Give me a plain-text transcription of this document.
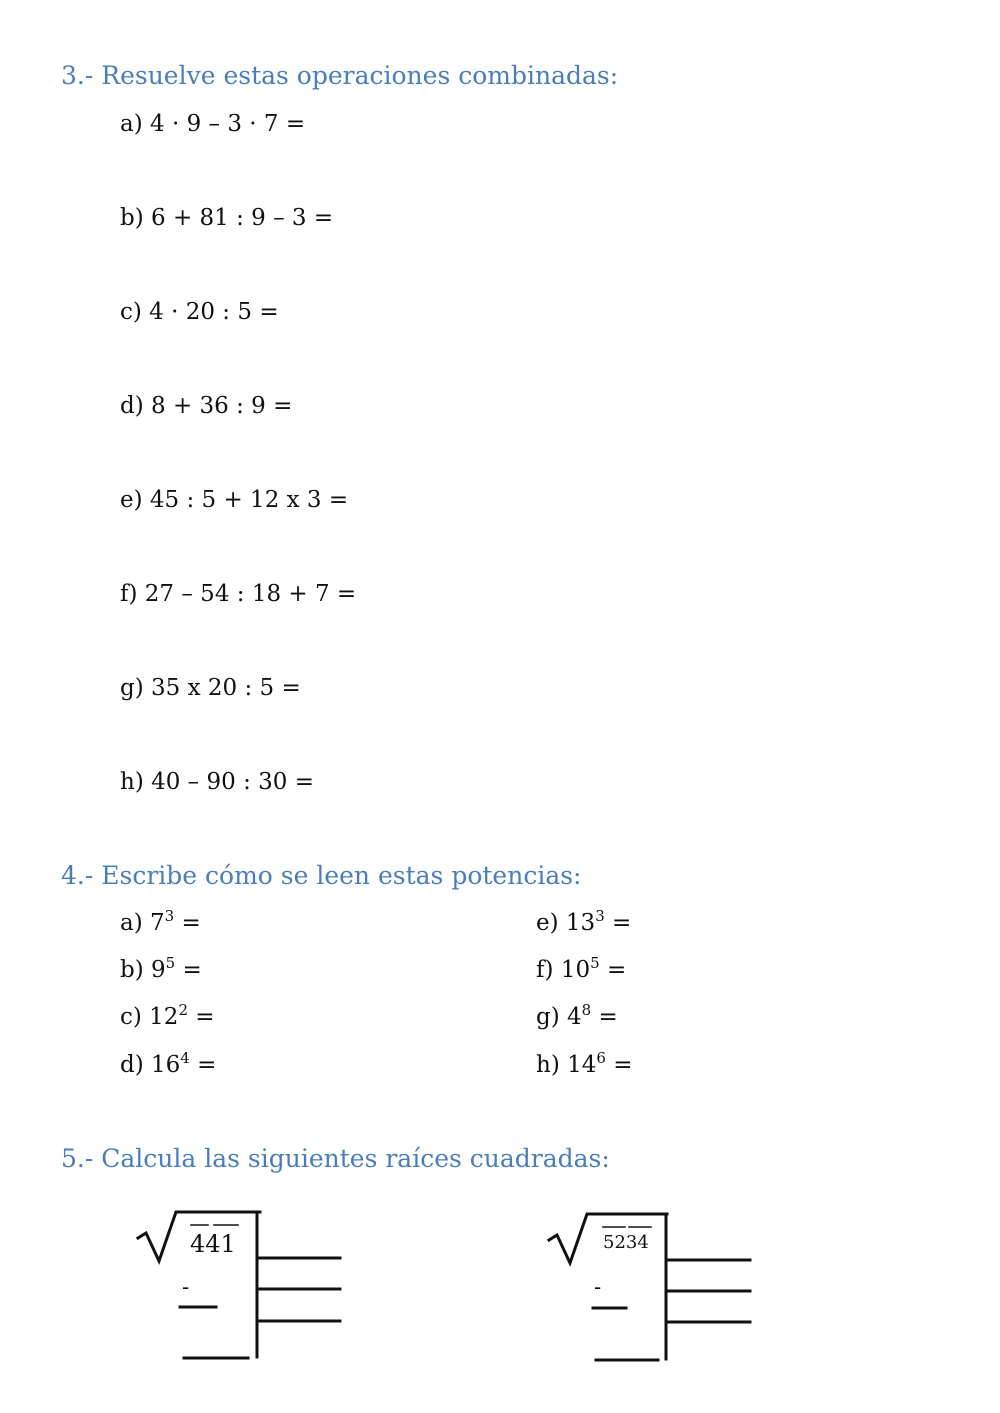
3.- Resuelve estas operaciones combinadas:
a) 4 · 9 – 3 · 7 =
b) 6 + 81 : 9 – 3 =
c) 4 · 20 : 5 =
d) 8 + 36 : 9 =
e) 45 : 5 + 12 x 3 =
f) 27 – 54 : 18 + 7 =
g) 35 x 20 : 5 =
h) 40 – 90 : 30 =
4.- Escribe cómo se leen estas potencias:
a) $7^3$ =
b) $9^5$ =
c) $12^2$ =
d) $16^4$ =
e) $13^3$ =
f) $10^5$ =
g) $4^8$ =
h) $14^6$ =
5.- Calcula las siguientes raíces cuadradas:
441
-
5234
-
